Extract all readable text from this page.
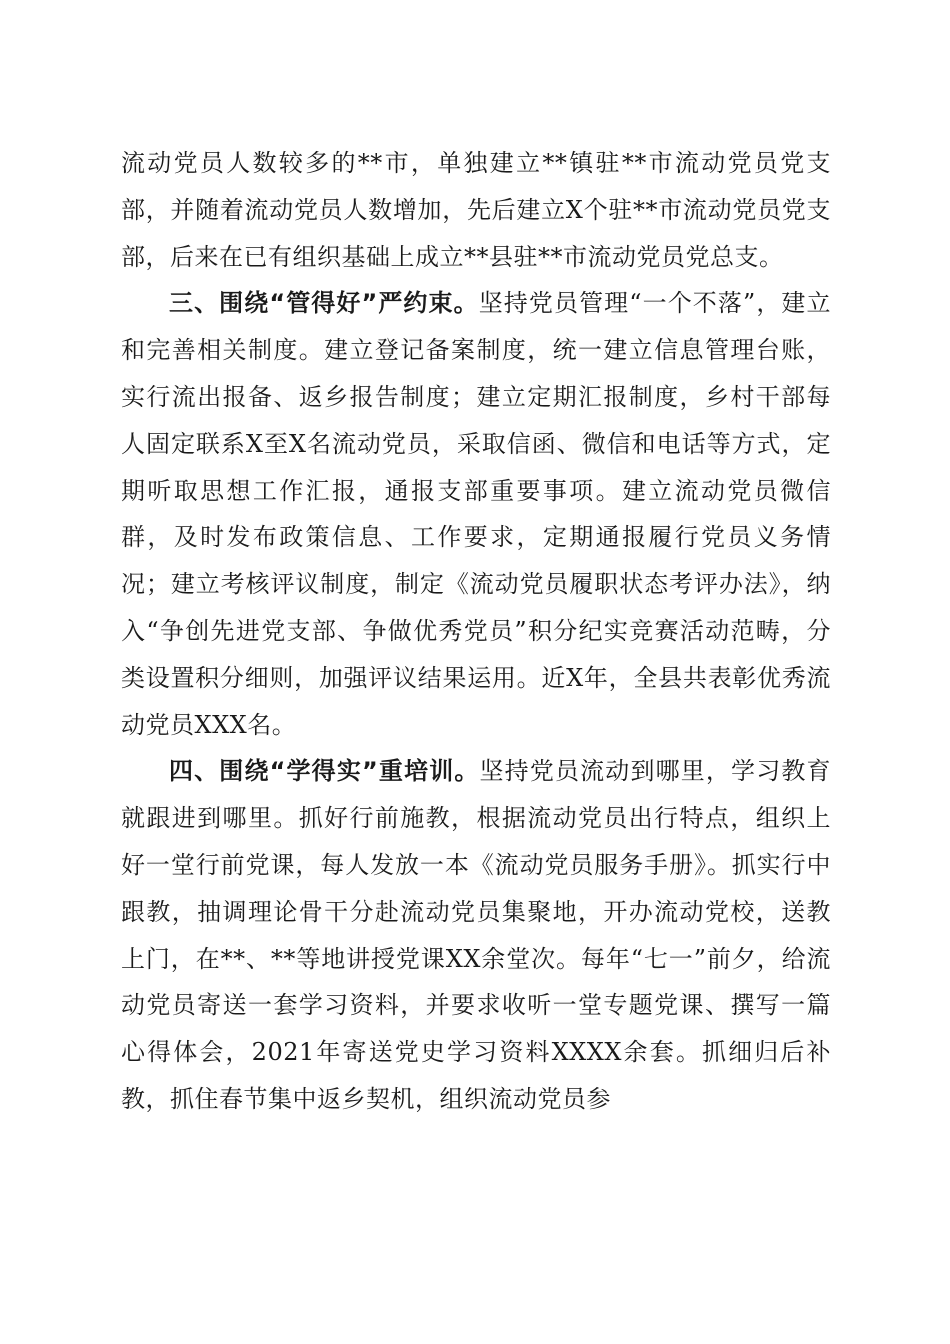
流动党员人数较多的**市，单独建立**镇驻**市流动党员党支部，并随着流动党员人数增加，先后建立X个驻**市流动党员党支部，后来在已有组织基础上成立**县驻**市流动党员党总支。

三、围绕“管得好”严约束。坚持党员管理“一个不落”，建立和完善相关制度。建立登记备案制度，统一建立信息管理台账，实行流出报备、返乡报告制度；建立定期汇报制度，乡村干部每人固定联系X至X名流动党员，采取信函、微信和电话等方式，定期听取思想工作汇报，通报支部重要事项。建立流动党员微信群，及时发布政策信息、工作要求，定期通报履行党员义务情况；建立考核评议制度，制定《流动党员履职状态考评办法》，纳入“争创先进党支部、争做优秀党员”积分纪实竞赛活动范畴，分类设置积分细则，加强评议结果运用。近X年，全县共表彰优秀流动党员XXX名。

四、围绕“学得实”重培训。坚持党员流动到哪里，学习教育就跟进到哪里。抓好行前施教，根据流动党员出行特点，组织上好一堂行前党课，每人发放一本《流动党员服务手册》。抓实行中跟教，抽调理论骨干分赴流动党员集聚地，开办流动党校，送教上门，在**、**等地讲授党课XX余堂次。每年“七一”前夕，给流动党员寄送一套学习资料，并要求收听一堂专题党课、撰写一篇心得体会，2021年寄送党史学习资料XXXX余套。抓细归后补教，抓住春节集中返乡契机，组织流动党员参
